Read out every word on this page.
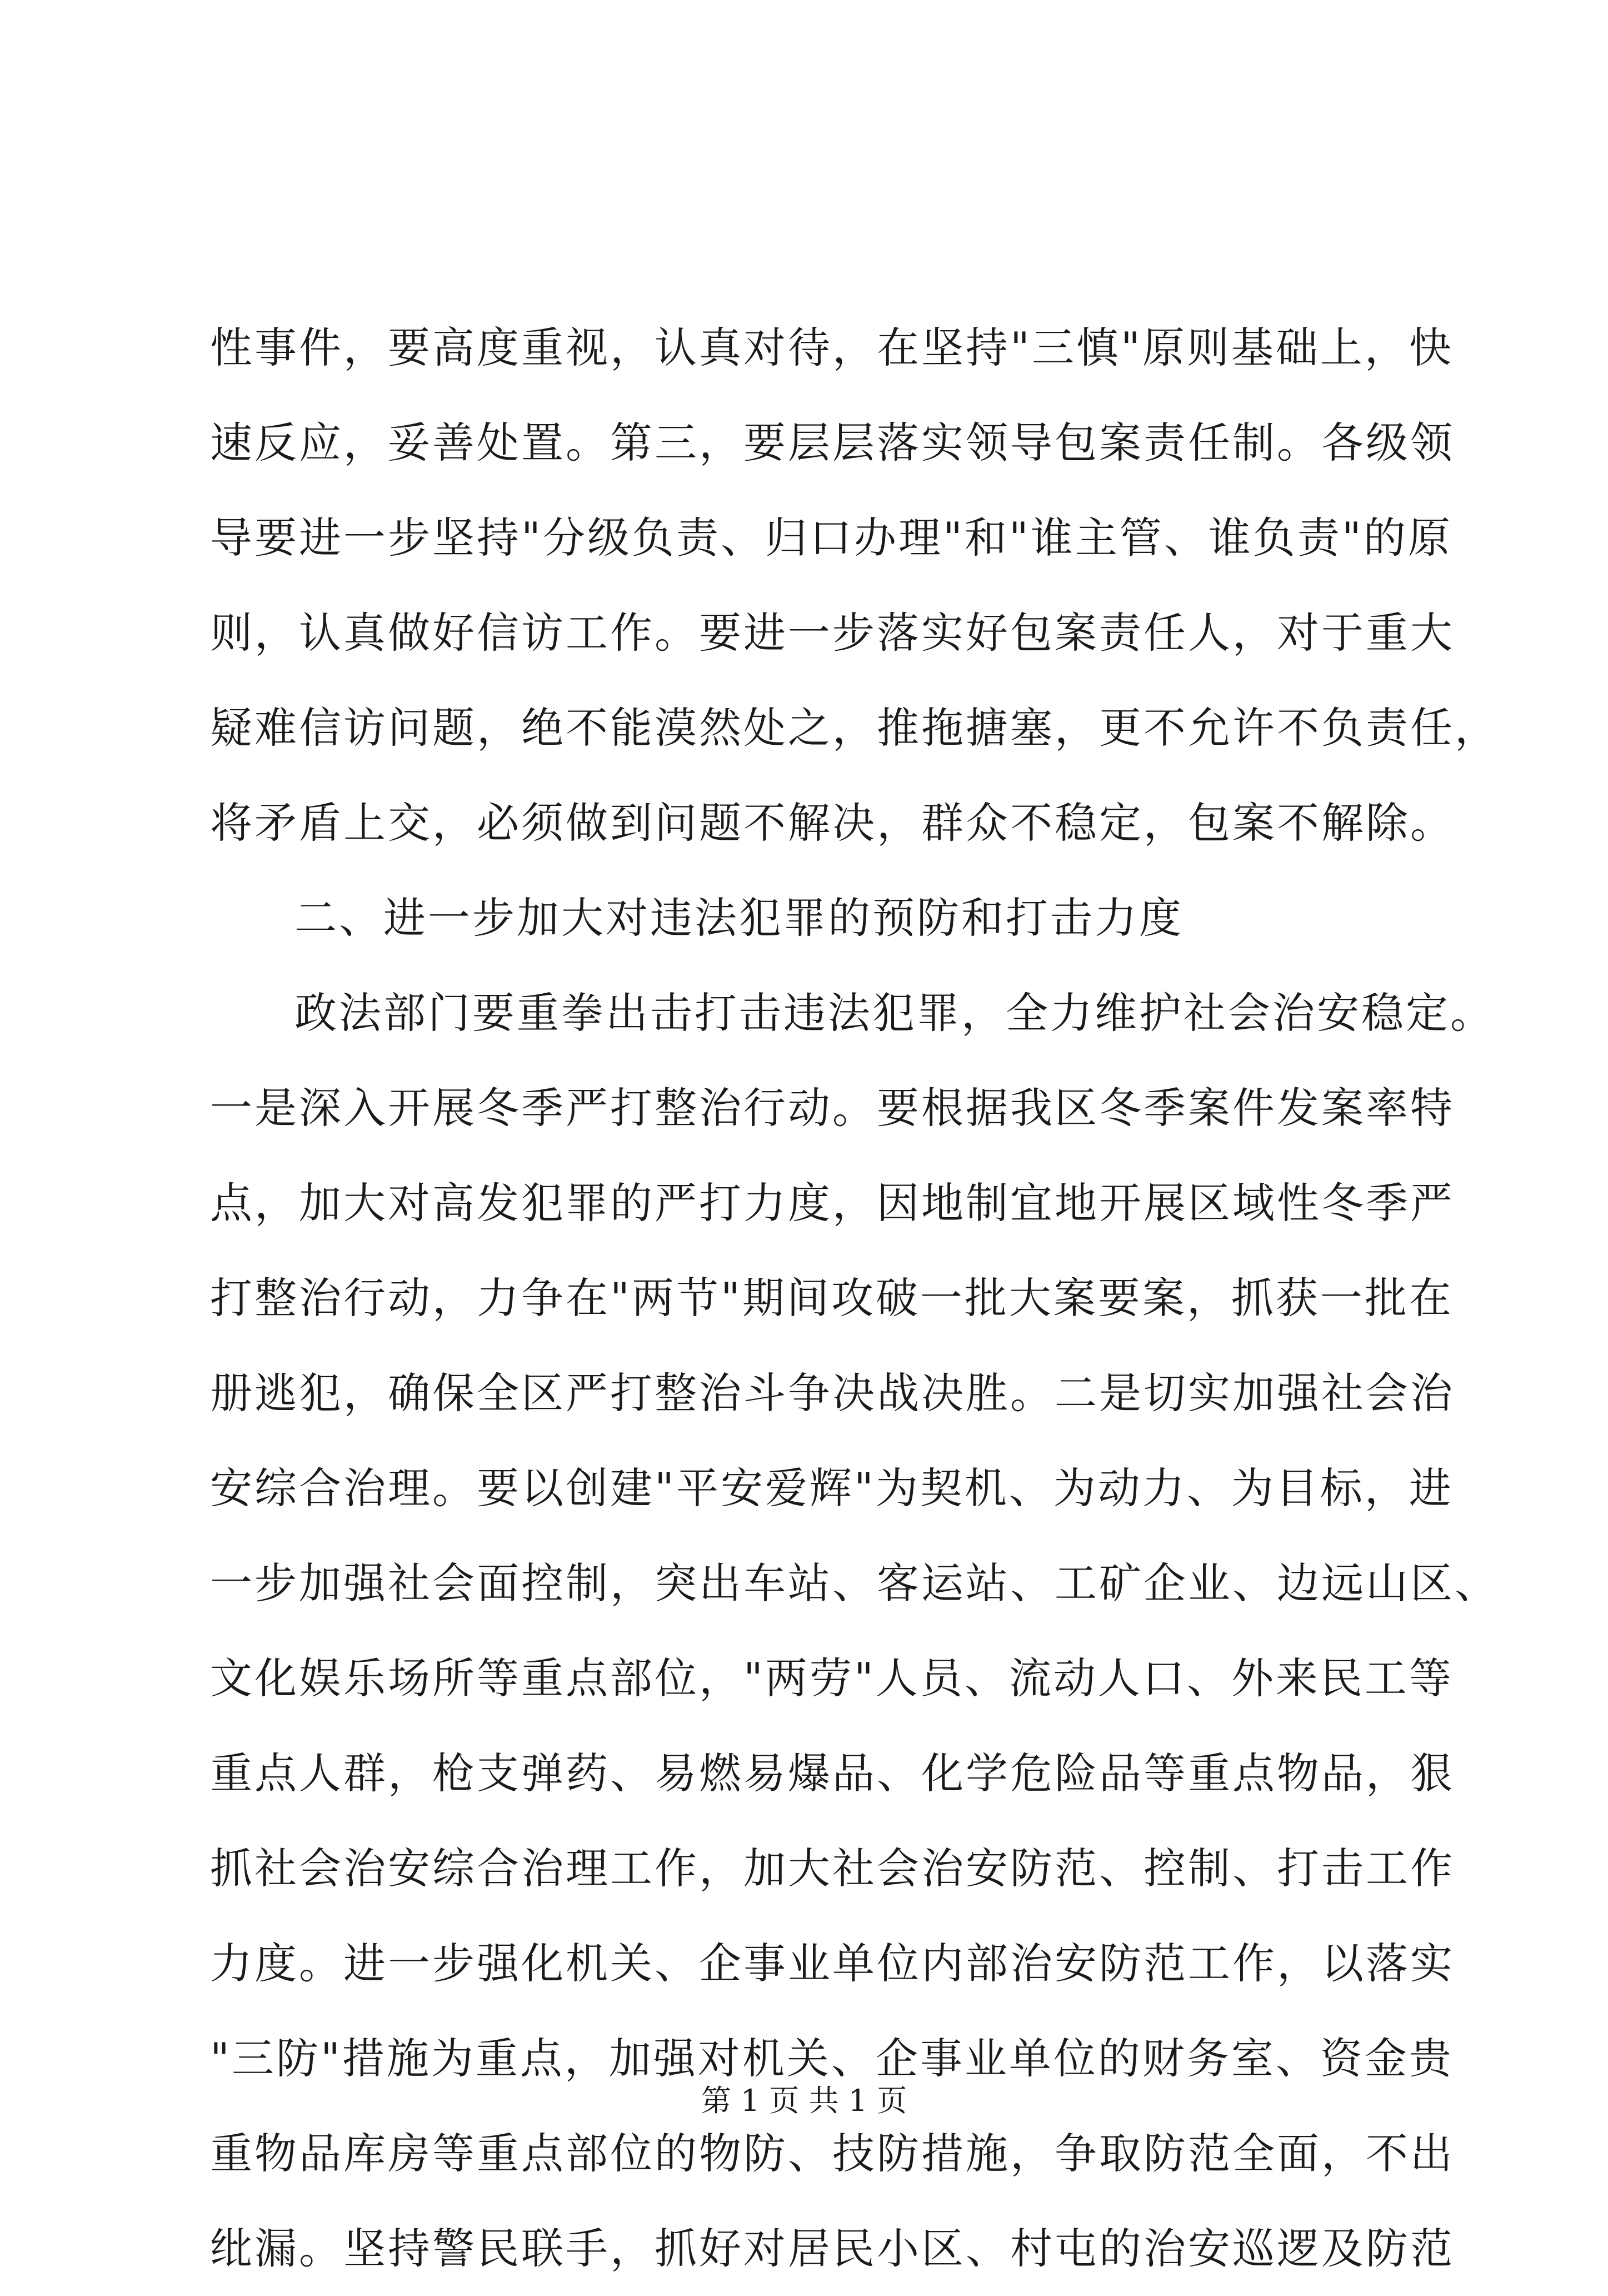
性事件，要高度重视，认真对待，在坚持"三慎"原则基础上，快
速反应，妥善处置。第三，要层层落实领导包案责任制。各级领
导要进一步坚持"分级负责、归口办理"和"谁主管、谁负责"的原
则，认真做好信访工作。要进一步落实好包案责任人，对于重大
疑难信访问题，绝不能漠然处之，推拖搪塞，更不允许不负责任，
将矛盾上交，必须做到问题不解决，群众不稳定，包案不解除。
二、进一步加大对违法犯罪的预防和打击力度
政法部门要重拳出击打击违法犯罪，全力维护社会治安稳定。
一是深入开展冬季严打整治行动。要根据我区冬季案件发案率特
点，加大对高发犯罪的严打力度，因地制宜地开展区域性冬季严
打整治行动，力争在"两节"期间攻破一批大案要案，抓获一批在
册逃犯，确保全区严打整治斗争决战决胜。二是切实加强社会治
安综合治理。要以创建"平安爱辉"为契机、为动力、为目标，进
一步加强社会面控制，突出车站、客运站、工矿企业、边远山区、
文化娱乐场所等重点部位，"两劳"人员、流动人口、外来民工等
重点人群，枪支弹药、易燃易爆品、化学危险品等重点物品，狠
抓社会治安综合治理工作，加大社会治安防范、控制、打击工作
力度。进一步强化机关、企事业单位内部治安防范工作，以落实
"三防"措施为重点，加强对机关、企事业单位的财务室、资金贵
重物品库房等重点部位的物防、技防措施，争取防范全面，不出
纰漏。坚持警民联手，抓好对居民小区、村屯的治安巡逻及防范
第 1 页 共 1 页
